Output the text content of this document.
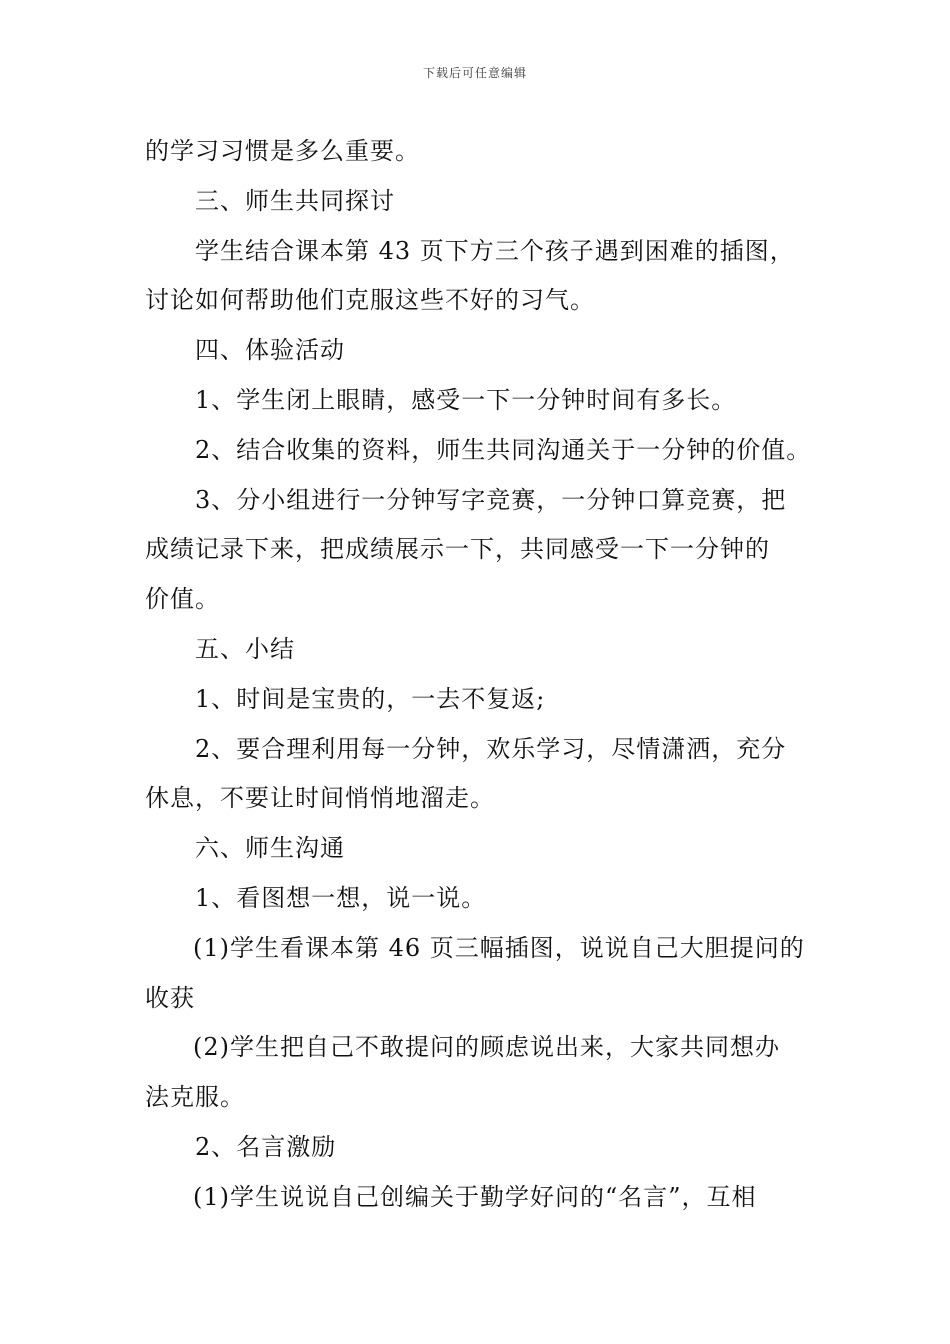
下载后可任意编辑
的学习习惯是多么重要。
三、师生共同探讨
学生结合课本第 43 页下方三个孩子遇到困难的插图，
讨论如何帮助他们克服这些不好的习气。
四、体验活动
1、学生闭上眼睛，感受一下一分钟时间有多长。
2、结合收集的资料，师生共同沟通关于一分钟的价值。
3、分小组进行一分钟写字竞赛，一分钟口算竞赛，把
成绩记录下来，把成绩展示一下，共同感受一下一分钟的
价值。
五、小结
1、时间是宝贵的，一去不复返;
2、要合理利用每一分钟，欢乐学习，尽情潇洒，充分
休息，不要让时间悄悄地溜走。
六、师生沟通
1、看图想一想，说一说。
(1)学生看课本第 46 页三幅插图，说说自己大胆提问的
收获
(2)学生把自己不敢提问的顾虑说出来，大家共同想办
法克服。
2、名言激励
(1)学生说说自己创编关于勤学好问的“名言”，互相
